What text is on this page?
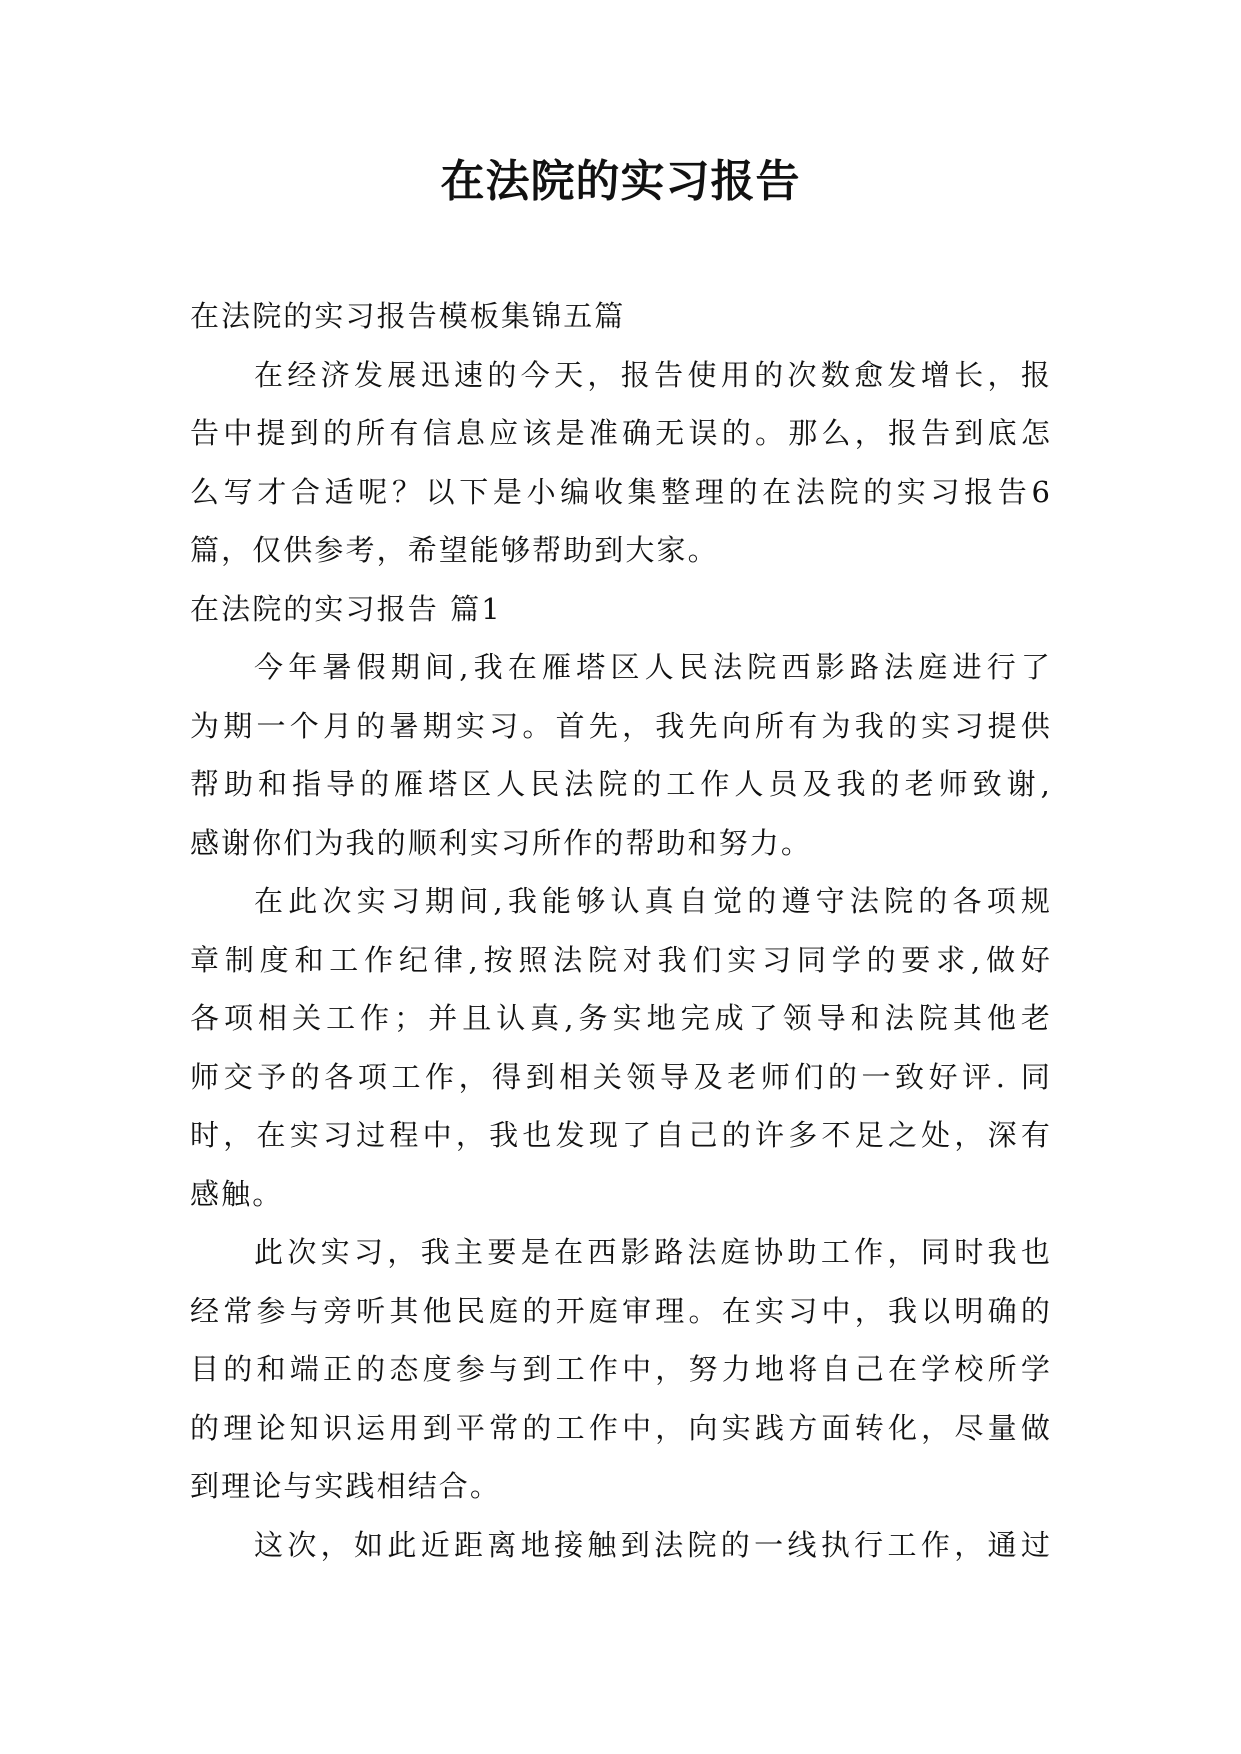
在法院的实习报告
在法院的实习报告模板集锦五篇
在经济发展迅速的今天，报告使用的次数愈发增长，报
告中提到的所有信息应该是准确无误的。那么，报告到底怎
么写才合适呢？以下是小编收集整理的在法院的实习报告6
篇，仅供参考，希望能够帮助到大家。
在法院的实习报告 篇1
今年暑假期间,我在雁塔区人民法院西影路法庭进行了
为期一个月的暑期实习。首先，我先向所有为我的实习提供
帮助和指导的雁塔区人民法院的工作人员及我的老师致谢,
感谢你们为我的顺利实习所作的帮助和努力。
在此次实习期间,我能够认真自觉的遵守法院的各项规
章制度和工作纪律,按照法院对我们实习同学的要求,做好
各项相关工作；并且认真,务实地完成了领导和法院其他老
师交予的各项工作，得到相关领导及老师们的一致好评. 同
时，在实习过程中，我也发现了自己的许多不足之处，深有
感触。
此次实习，我主要是在西影路法庭协助工作，同时我也
经常参与旁听其他民庭的开庭审理。在实习中，我以明确的
目的和端正的态度参与到工作中，努力地将自己在学校所学
的理论知识运用到平常的工作中，向实践方面转化，尽量做
到理论与实践相结合。
这次，如此近距离地接触到法院的一线执行工作，通过
